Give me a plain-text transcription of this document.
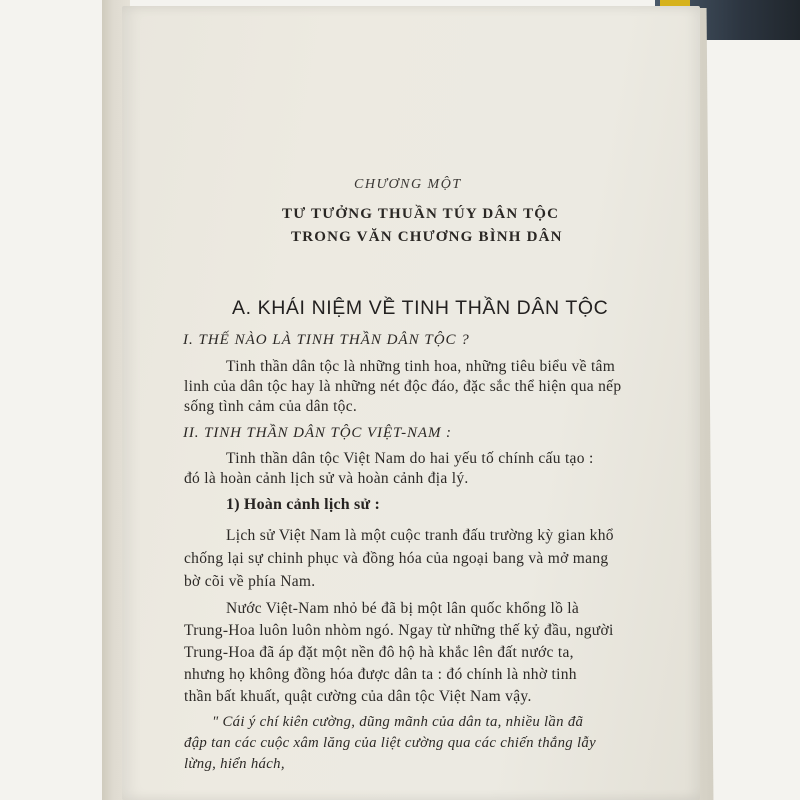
CHƯƠNG MỘT
TƯ TƯỞNG THUẦN TÚY DÂN TỘC
TRONG VĂN CHƯƠNG BÌNH DÂN
A. KHÁI NIỆM VỀ TINH THẦN DÂN TỘC
I. THẾ NÀO LÀ TINH THẦN DÂN TỘC ?
Tinh thần dân tộc là những tinh hoa, những tiêu biểu về tâm
linh của dân tộc hay là những nét độc đáo, đặc sắc thể hiện qua nếp
sống tình cảm của dân tộc.
II. TINH THẦN DÂN TỘC VIỆT-NAM :
Tinh thần dân tộc Việt Nam do hai yếu tố chính cấu tạo :
đó là hoàn cảnh lịch sử và hoàn cảnh địa lý.
1) Hoàn cảnh lịch sử :
Lịch sử Việt Nam là một cuộc tranh đấu trường kỳ gian khổ
chống lại sự chinh phục và đồng hóa của ngoại bang và mở mang
bờ cõi về phía Nam.
Nước Việt-Nam nhỏ bé đã bị một lân quốc khổng lồ là
Trung-Hoa luôn luôn nhòm ngó. Ngay từ những thế kỷ đầu, người
Trung-Hoa đã áp đặt một nền đô hộ hà khắc lên đất nước ta,
nhưng họ không đồng hóa được dân ta : đó chính là nhờ tinh
thần bất khuất, quật cường của dân tộc Việt Nam vậy.
" Cái ý chí kiên cường, dũng mãnh của dân ta, nhiều lần đã
đập tan các cuộc xâm lăng của liệt cường qua các chiến thắng lẫy
lừng, hiển hách,
